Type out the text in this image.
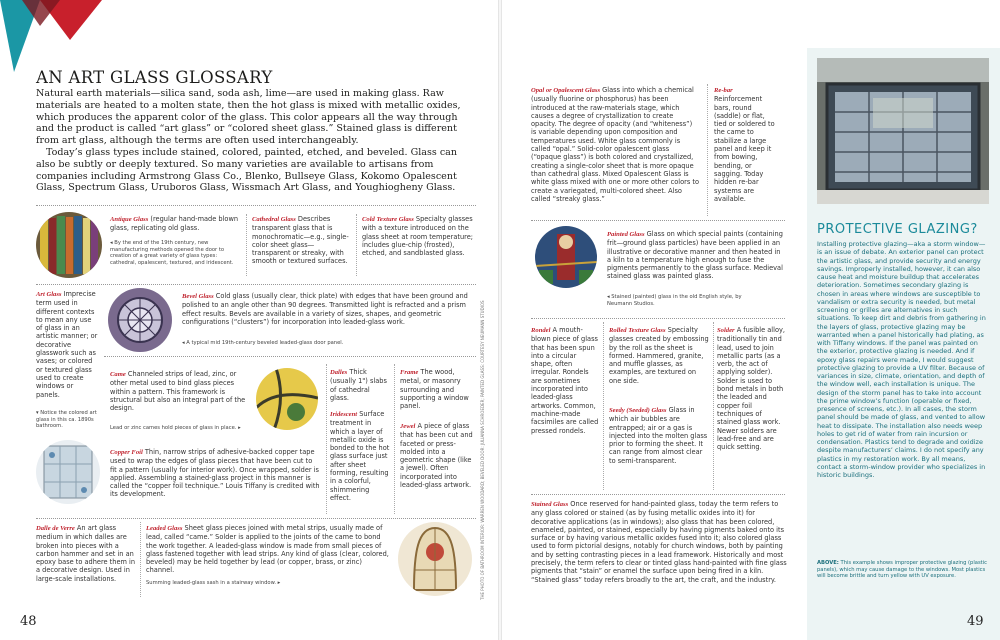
AN ART GLASS GLOSSARY
Natural earth materials—silica sand, soda ash, lime—are used in making glass. Raw materials are heated to a molten state, then the hot glass is mixed with metallic oxides, which produces the apparent color of the glass. This color appears all the way through and the product is called “art glass” or “colored sheet glass.” Stained glass is different from art glass, although the terms are often used interchangeably.
Today’s glass types include stained, colored, painted, etched, and beveled. Glass can also be subtly or deeply textured. So many varieties are available to artisans from companies including Armstrong Glass Co., Blenko, Bullseye Glass, Kokomo Opalescent Glass, Spectrum Glass, Uruboros Glass, Wissmach Art Glass, and Youghiogheny Glass.
Antique Glass (regular hand-made blown glass, replicating old glass.
◂ By the end of the 19th century, new manufacturing methods opened the door to creation of a great variety of glass types: cathedral, opalescent, textured, and iridescent.
Cathedral Glass Describes transparent glass that is monochromatic—e.g., single-color sheet glass—transparent or streaky, with smooth or textured surfaces.
Cold Texture Glass Specialty glasses with a texture introduced on the glass sheet at room temperature; includes glue-chip (frosted), etched, and sandblasted glass.
Art Glass Imprecise term used in different contexts to mean any use of glass in an artistic manner; or decorative glasswork such as vases; or colored or textured glass used to create windows or panels.
▾ Notice the colored art glass in this ca. 1890s bathroom.
Bevel Glass Cold glass (usually clear, thick plate) with edges that have been ground and polished to an angle other than 90 degrees. Transmitted light is refracted and a prism effect results. Bevels are available in a variety of sizes, shapes, and geometric configurations (“clusters”) for incorporation into leaded-glass work.
◂ A typical mid 19th-century beveled leaded-glass door panel.
Came Channeled strips of lead, zinc, or other metal used to bind glass pieces within a pattern. This framework is structural but also an integral part of the design.
Lead or zinc cames hold pieces of glass in place. ▸
Dalles Thick (usually 1") slabs of cathedral glass.
Iridescent Surface treatment in which a layer of metallic oxide is bonded to the hot glass surface just after sheet forming, resulting in a colorful, shimmering effect.
Frame The wood, metal, or masonry surrounding and supporting a window panel.
Jewel A piece of glass that has been cut and faceted or press-molded into a geometric shape (like a jewel). Often incorporated into leaded-glass artwork.
Copper Foil Thin, narrow strips of adhesive-backed copper tape used to wrap the edges of glass pieces that have been cut to fit a pattern (usually for interior work). Once wrapped, solder is applied. Assembling a stained-glass project in this manner is called the “copper foil technique.” Louis Tiffany is credited with its development.
Dalle de Verre An art glass medium in which dalles are broken into pieces with a carbon hammer and set in an epoxy base to adhere them in a decorative design. Used in large-scale installations.
Leaded Glass Sheet glass pieces joined with metal strips, usually made of lead, called “came.” Solder is applied to the joints of the came to bond the work together. A leaded-glass window is made from small pieces of glass fastened together with lead strips. Any kind of glass (clear, colored, beveled) may be held together by lead (or copper, brass, or zinc) channel.
Summing leaded-glass sash in a stairway window. ▸
48
THE PHOTO OF BATHROOM INTERIOR: WARREN WOODARD; BEVELED DOOR: JULIANNA SCHROEDER; PAINTED GLASS: COURTESY NEUMANN STUDIOS
Opal or Opalescent Glass Glass into which a chemical (usually fluorine or phosphorus) has been introduced at the raw-materials stage, which causes a degree of crystallization to create opacity. The degree of opacity (and “whiteness”) is variable depending upon composition and temperatures used. White glass commonly is called “opal.” Solid-color opalescent glass (“opaque glass”) is both colored and crystallized, creating a single-color sheet that is more opaque than cathedral glass. Mixed Opalescent Glass is white glass mixed with one or more other colors to create a variegated, multi-colored sheet. Also called “streaky glass.”
Re-bar Reinforcement bars, round (saddle) or flat, tied or soldered to the came to stabilize a large panel and keep it from bowing, bending, or sagging. Today hidden re-bar systems are available.
Painted Glass Glass on which special paints (containing frit—ground glass particles) have been applied in an illustrative or decorative manner and then heated in a kiln to a temperature high enough to fuse the pigments permanently to the glass surface. Medieval stained glass was painted glass.
◂ Stained (painted) glass in the old English style, by Neumann Studios.
Rondel A mouth-blown piece of glass that has been spun into a circular shape, often irregular. Rondels are sometimes incorporated into leaded-glass artworks. Common, machine-made facsimiles are called pressed rondels.
Rolled Texture Glass Specialty glasses created by embossing by the roll as the sheet is formed. Hammered, granite, and muffle glasses, as examples, are textured on one side.
Seedy (Seeded) Glass Glass in which air bubbles are entrapped; air or a gas is injected into the molten glass prior to forming the sheet. It can range from almost clear to semi-transparent.
Solder A fusible alloy, traditionally tin and lead, used to join metallic parts (as a verb, the act of applying solder). Solder is used to bond metals in both the leaded and copper foil techniques of stained glass work. Newer solders are lead-free and are quick setting.
Stained Glass Once reserved for hand-painted glass, today the term refers to any glass colored or stained (as by fusing metallic oxides into it) for decorative applications (as in windows); also glass that has been colored, enameled, painted, or stained, especially by having pigments baked onto its surface or by having various metallic oxides fused into it; also colored glass used to form pictorial designs, notably for church windows, both by painting and by setting contrasting pieces in a lead framework. Historically and most precisely, the term refers to clear or tinted glass hand-painted with fine glass pigments that “stain” or enamel the surface upon being fired in a kiln. “Stained glass” today refers broadly to the art, the craft, and the industry.
PROTECTIVE GLAZING?
Installing protective glazing—aka a storm window—is an issue of debate. An exterior panel can protect the artistic glass, and provide security and energy savings. Improperly installed, however, it can also cause heat and moisture buildup that accelerates deterioration. Sometimes secondary glazing is chosen in areas where windows are susceptible to vandalism or extra security is needed, but metal screening or grilles are alternatives in such situations. To keep dirt and debris from gathering in the layers of glass, protective glazing may be warranted when a panel historically had plating, as with Tiffany windows. If the panel was painted on the exterior, protective glazing is needed. And if epoxy glass repairs were made, I would suggest protective glazing to provide a UV filter. Because of variances in size, climate, orientation, and depth of the window well, each installation is unique. The design of the storm panel has to take into account the prime window’s function (operable or fixed, presence of screens, etc.). In all cases, the storm panel should be made of glass, and vented to allow heat to dissipate. The installation also needs weep holes to get rid of water from rain incursion or condensation. Plastics tend to degrade and oxidize despite manufacturers’ claims. I do not specify any plastics in my restoration work. By all means, contact a storm-window provider who specializes in historic buildings.
ABOVE: This example shows improper protective glazing (plastic panels), which may cause damage to the windows. Most plastics will become brittle and turn yellow with UV exposure.
49
